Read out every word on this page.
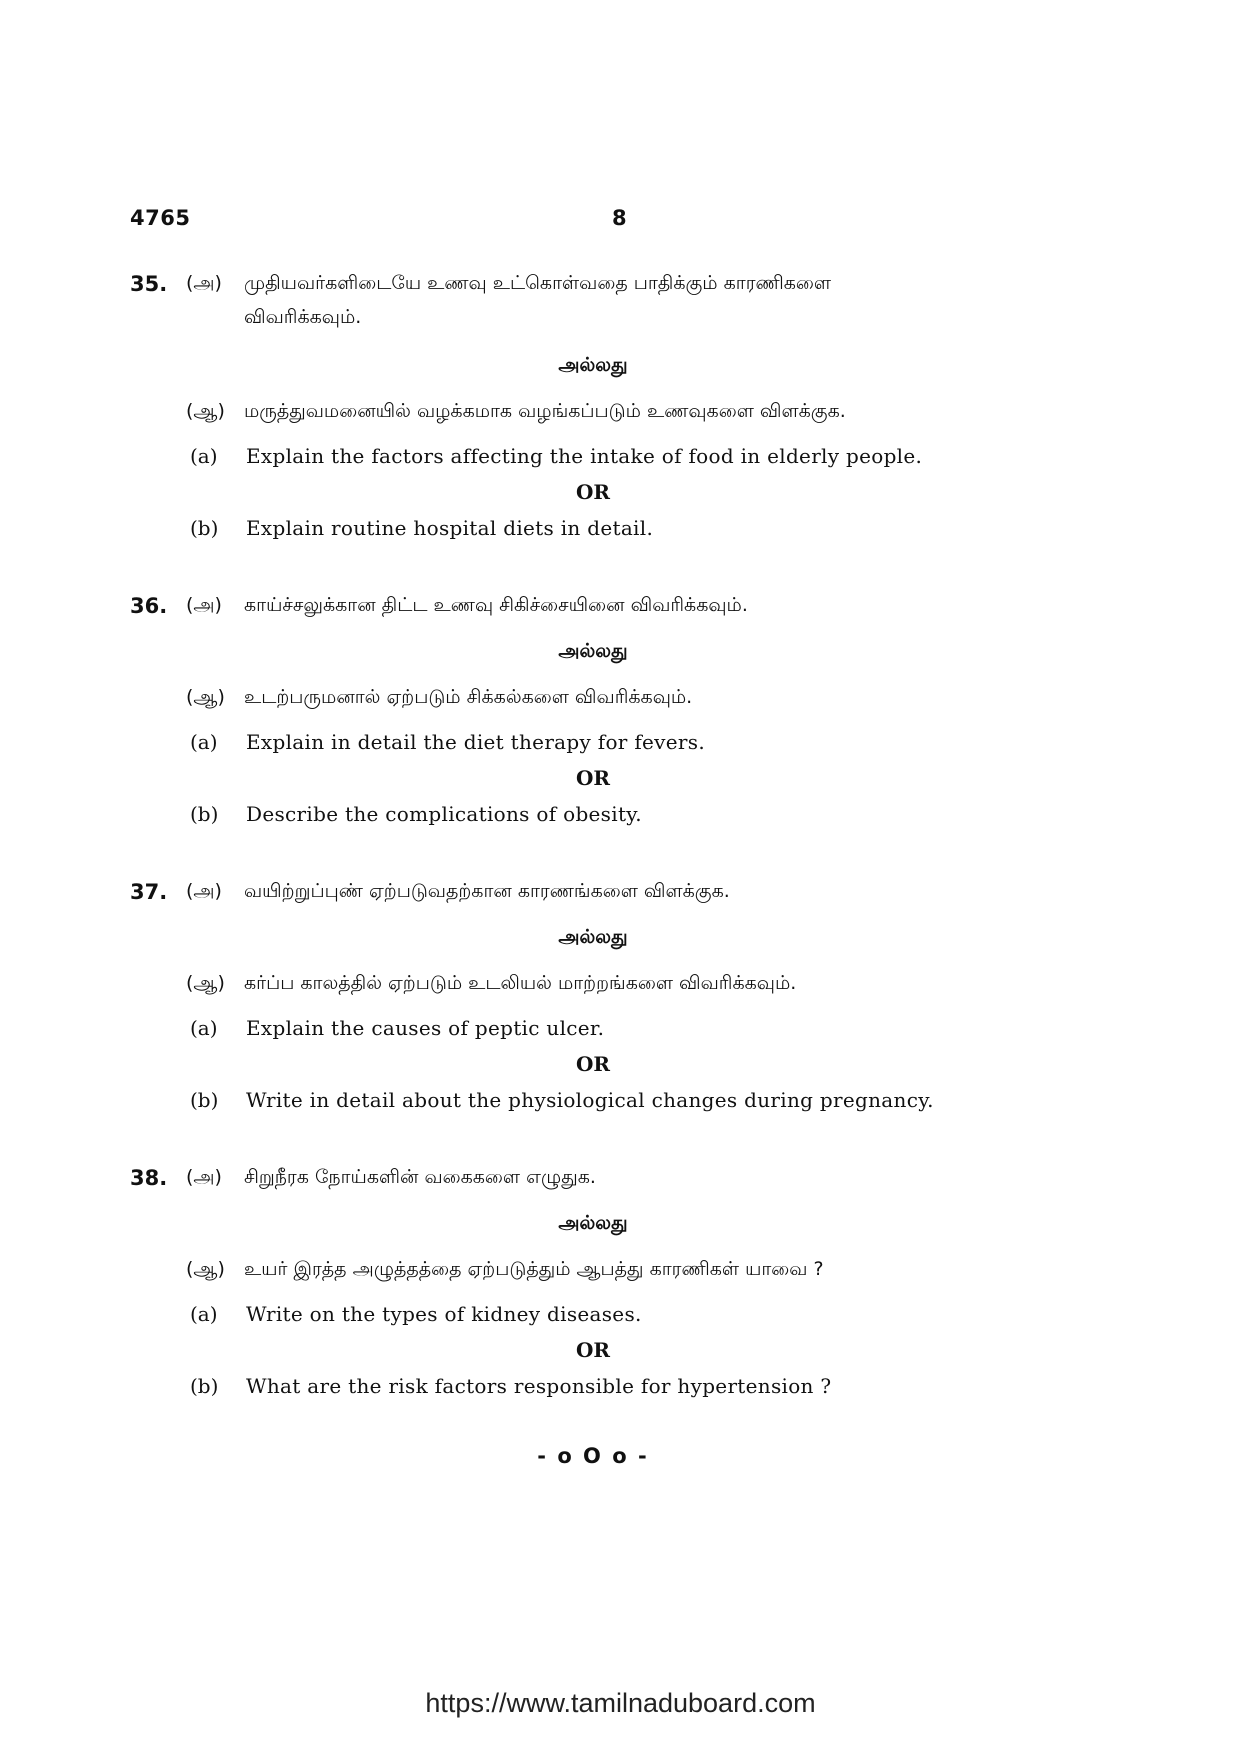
4765	8
35. (அ) முதியவர்களிடையே உணவு உட்கொள்வதை பாதிக்கும் காரணிகளை
விவரிக்கவும்.
அல்லது
(ஆ) மருத்துவமனையில் வழக்கமாக வழங்கப்படும் உணவுகளை விளக்குக.
(a) Explain the factors affecting the intake of food in elderly people.
OR
(b) Explain routine hospital diets in detail.
36. (அ) காய்ச்சலுக்கான திட்ட உணவு சிகிச்சையினை விவரிக்கவும்.
அல்லது
(ஆ) உடற்பருமனால் ஏற்படும் சிக்கல்களை விவரிக்கவும்.
(a) Explain in detail the diet therapy for fevers.
OR
(b) Describe the complications of obesity.
37. (அ) வயிற்றுப்புண் ஏற்படுவதற்கான காரணங்களை விளக்குக.
அல்லது
(ஆ) கர்ப்ப காலத்தில் ஏற்படும் உடலியல் மாற்றங்களை விவரிக்கவும்.
(a) Explain the causes of peptic ulcer.
OR
(b) Write in detail about the physiological changes during pregnancy.
38. (அ) சிறுநீரக நோய்களின் வகைகளை எழுதுக.
அல்லது
(ஆ) உயர் இரத்த அழுத்தத்தை ஏற்படுத்தும் ஆபத்து காரணிகள் யாவை ?
(a) Write on the types of kidney diseases.
OR
(b) What are the risk factors responsible for hypertension ?
- o O o -
https://www.tamilnaduboard.com
